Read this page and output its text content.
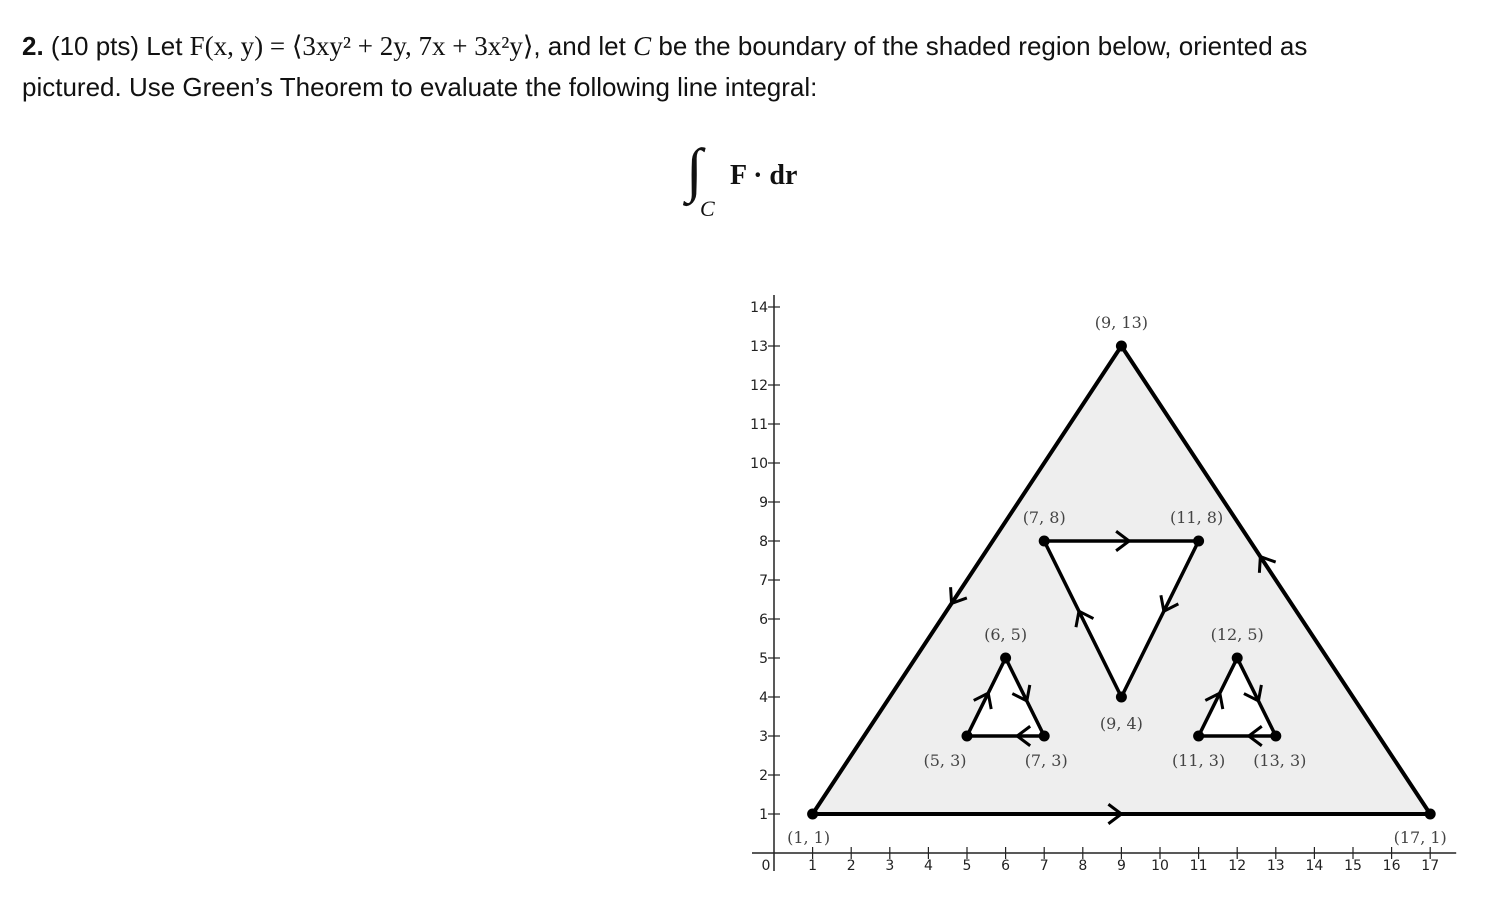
2. (10 pts) Let F(x, y) = ⟨3xy² + 2y, 7x + 3x²y⟩, and let C be the boundary of the shaded region below, oriented as
pictured. Use Green’s Theorem to evaluate the following line integral:
∫
C
F · dr
0	1 2 3 4 5 6 7 8 9 10 11 12 13 14 15 16 17
1
2
3
4
5
6
7
8
9
10
11
12
13
14
(9, 13)
(7, 8)	(11, 8)
(6, 5)	(12, 5)
(9, 4)
(5, 3)	(7, 3)	(11, 3) (13, 3)
(1, 1)	(17, 1)
